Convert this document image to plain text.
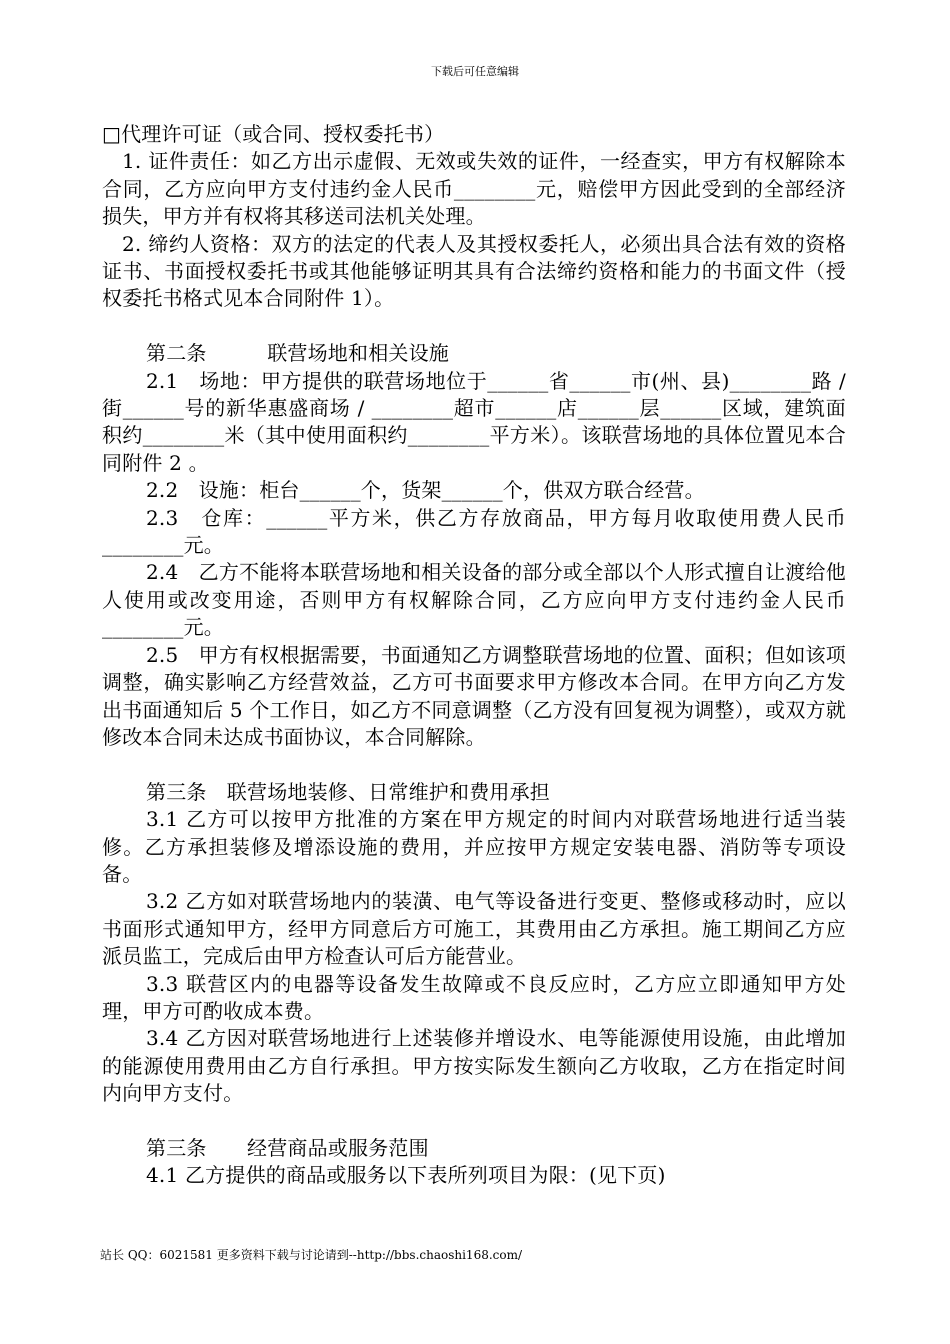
下载后可任意编辑

□代理许可证（或合同、授权委托书）

1. 证件责任：如乙方出示虚假、无效或失效的证件，一经查实，甲方有权解除本合同，乙方应向甲方支付违约金人民币________元，赔偿甲方因此受到的全部经济损失，甲方并有权将其移送司法机关处理。

2. 缔约人资格：双方的法定的代表人及其授权委托人，必须出具合法有效的资格证书、书面授权委托书或其他能够证明其具有合法缔约资格和能力的书面文件（授权委托书格式见本合同附件 1）。

第二条　　　联营场地和相关设施

2.1　场地：甲方提供的联营场地位于______省______市(州、县)________路 / 街______号的新华惠盛商场 / ________超市______店______层______区域，建筑面积约________米（其中使用面积约________平方米）。该联营场地的具体位置见本合同附件 2 。

2.2　设施：柜台______个，货架______个，供双方联合经营。

2.3　仓库：______平方米，供乙方存放商品，甲方每月收取使用费人民币________元。

2.4　乙方不能将本联营场地和相关设备的部分或全部以个人形式擅自让渡给他人使用或改变用途，否则甲方有权解除合同，乙方应向甲方支付违约金人民币________元。

2.5　甲方有权根据需要，书面通知乙方调整联营场地的位置、面积；但如该项调整，确实影响乙方经营效益，乙方可书面要求甲方修改本合同。在甲方向乙方发出书面通知后 5 个工作日，如乙方不同意调整（乙方没有回复视为调整），或双方就修改本合同未达成书面协议，本合同解除。

第三条　联营场地装修、日常维护和费用承担

3.1 乙方可以按甲方批准的方案在甲方规定的时间内对联营场地进行适当装修。乙方承担装修及增添设施的费用，并应按甲方规定安装电器、消防等专项设备。

3.2 乙方如对联营场地内的装潢、电气等设备进行变更、整修或移动时，应以书面形式通知甲方，经甲方同意后方可施工，其费用由乙方承担。施工期间乙方应派员监工，完成后由甲方检查认可后方能营业。

3.3 联营区内的电器等设备发生故障或不良反应时，乙方应立即通知甲方处理，甲方可酌收成本费。

3.4 乙方因对联营场地进行上述装修并增设水、电等能源使用设施，由此增加的能源使用费用由乙方自行承担。甲方按实际发生额向乙方收取，乙方在指定时间内向甲方支付。

第三条　　经营商品或服务范围

4.1 乙方提供的商品或服务以下表所列项目为限：(见下页)

站长 QQ：6021581 更多资料下载与讨论请到--http://bbs.chaoshi168.com/
